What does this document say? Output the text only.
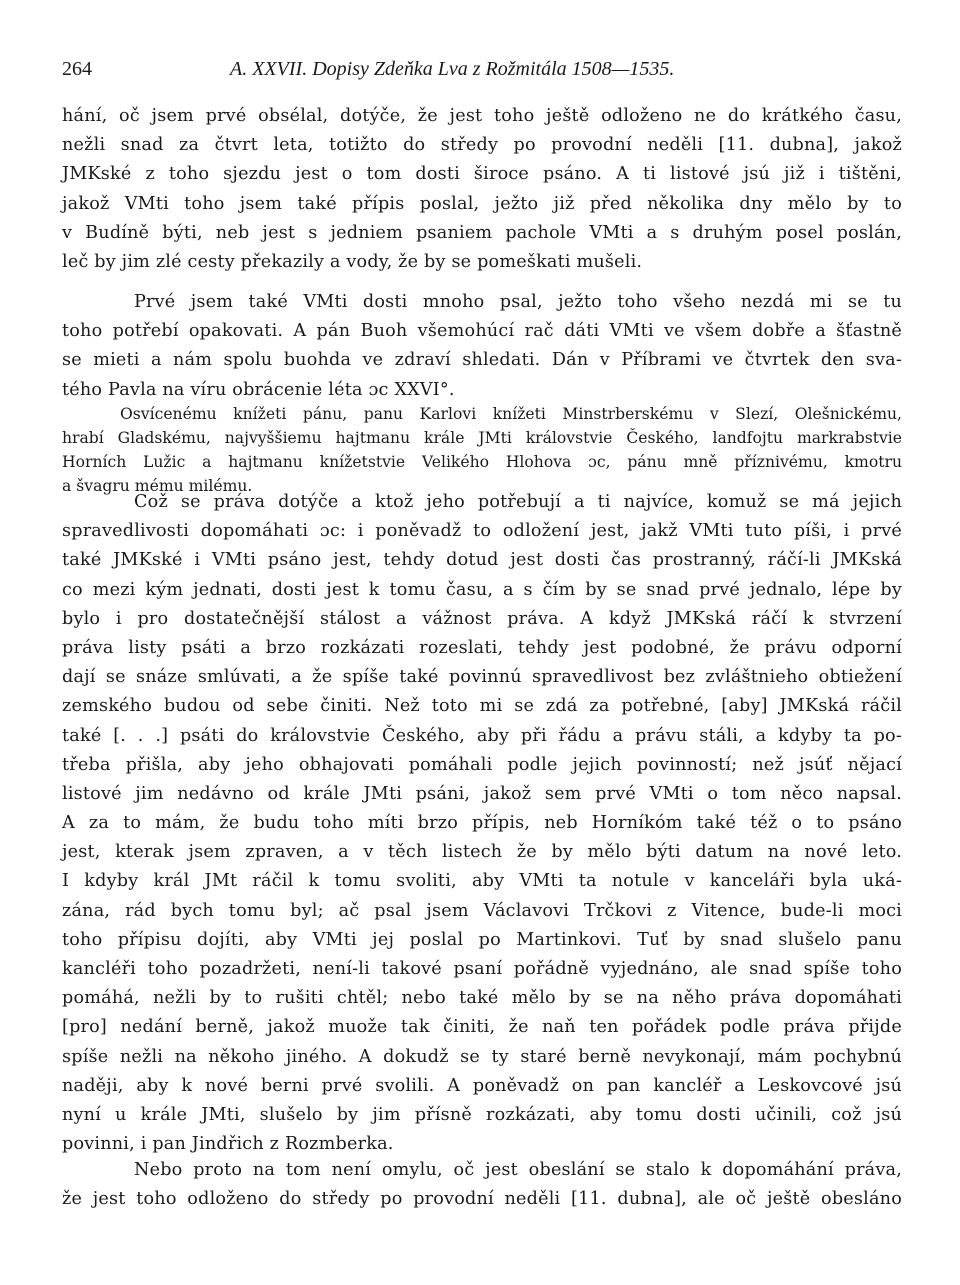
264	A. XXVII. Dopisy Zdeňka Lva z Rožmitála 1508—1535.
hání, oč jsem prvé obsélal, dotýče, že jest toho ještě odloženo ne do krátkého času,
nežli snad za čtvrt leta, totižto do středy po provodní neděli [11. dubna], jakož
JMKské z toho sjezdu jest o tom dosti široce psáno. A ti listové jsú již i tištěni,
jakož VMti toho jsem také přípis poslal, ježto již před několika dny mělo by to
v Budíně býti, neb jest s jedniem psaniem pachole VMti a s druhým posel poslán,
leč by jim zlé cesty překazily a vody, že by se pomeškati mušeli.
Prvé jsem také VMti dosti mnoho psal, ježto toho všeho nezdá mi se tu
toho potřebí opakovati. A pán Buoh všemohúcí rač dáti VMti ve všem dobře a šťastně
se mieti a nám spolu buohda ve zdraví shledati. Dán v Příbrami ve čtvrtek den sva-
tého Pavla na víru obrácenie léta ɔc XXVI°.
Osvícenému knížeti pánu, panu Karlovi knížeti Minstrberskému v Slezí, Olešnickému,
hrabí Gladskému, najvyššiemu hajtmanu krále JMti královstvie Českého, landfojtu markrabstvie
Horních Lužic a hajtmanu knížetstvie Velikého Hlohova ɔc, pánu mně příznivému, kmotru
a švagru mému milému.
Což se práva dotýče a ktož jeho potřebují a ti najvíce, komuž se má jejich
spravedlivosti dopomáhati ɔc: i poněvadž to odložení jest, jakž VMti tuto píši, i prvé
také JMKské i VMti psáno jest, tehdy dotud jest dosti čas prostranný, ráčí-li JMKská
co mezi kým jednati, dosti jest k tomu času, a s čím by se snad prvé jednalo, lépe by
bylo i pro dostatečnější stálost a vážnost práva. A když JMKská ráčí k stvrzení
práva listy psáti a brzo rozkázati rozeslati, tehdy jest podobné, že právu odporní
dají se snáze smlúvati, a že spíše také povinnú spravedlivost bez zvláštnieho obtiežení
zemského budou od sebe činiti. Než toto mi se zdá za potřebné, [aby] JMKská ráčil
také [. . .] psáti do královstvie Českého, aby při řádu a právu stáli, a kdyby ta po-
třeba přišla, aby jeho obhajovati pomáhali podle jejich povinností; než jsúť nějací
listové jim nedávno od krále JMti psáni, jakož sem prvé VMti o tom něco napsal.
A za to mám, že budu toho míti brzo přípis, neb Horníkóm také též o to psáno
jest, kterak jsem zpraven, a v těch listech že by mělo býti datum na nové leto.
I kdyby král JMt ráčil k tomu svoliti, aby VMti ta notule v kanceláři byla uká-
zána, rád bych tomu byl; ač psal jsem Václavovi Trčkovi z Vitence, bude-li moci
toho přípisu dojíti, aby VMti jej poslal po Martinkovi. Tuť by snad slušelo panu
kancléři toho pozadržeti, není-li takové psaní pořádně vyjednáno, ale snad spíše toho
pomáhá, nežli by to rušiti chtěl; nebo také mělo by se na něho práva dopomáhati
[pro] nedání berně, jakož muože tak činiti, že naň ten pořádek podle práva přijde
spíše nežli na někoho jiného. A dokudž se ty staré berně nevykonají, mám pochybnú
naději, aby k nové berni prvé svolili. A poněvadž on pan kancléř a Leskovcové jsú
nyní u krále JMti, slušelo by jim přísně rozkázati, aby tomu dosti učinili, což jsú
povinni, i pan Jindřich z Rozmberka.
Nebo proto na tom není omylu, oč jest obeslání se stalo k dopomáhání práva,
že jest toho odloženo do středy po provodní neděli [11. dubna], ale oč ještě obesláno
